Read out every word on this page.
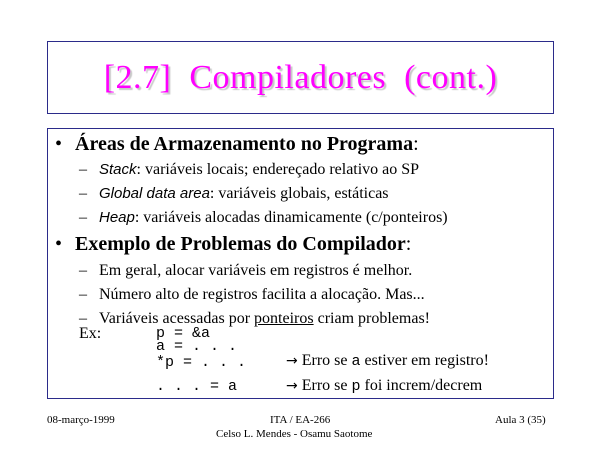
[2.7]  Compiladores  (cont.)
• Áreas de Armazenamento no Programa:
– Stack: variáveis locais; endereçado relativo ao SP
– Global data area: variáveis globais, estáticas
– Heap: variáveis alocadas dinamicamente (c/ponteiros)
• Exemplo de Problemas do Compilador:
– Em geral, alocar variáveis em registros é melhor.
– Número alto de registros facilita a alocação. Mas...
– Variáveis acessadas por ponteiros criam problemas!
Ex:	p = &a
a = . . .
*p = . . .
. . . = a
→ Erro se a estiver em registro!
→ Erro se p foi increm/decrem
08-março-1999	ITA / EA-266
Celso L. Mendes - Osamu Saotome
Aula 3 (35)
